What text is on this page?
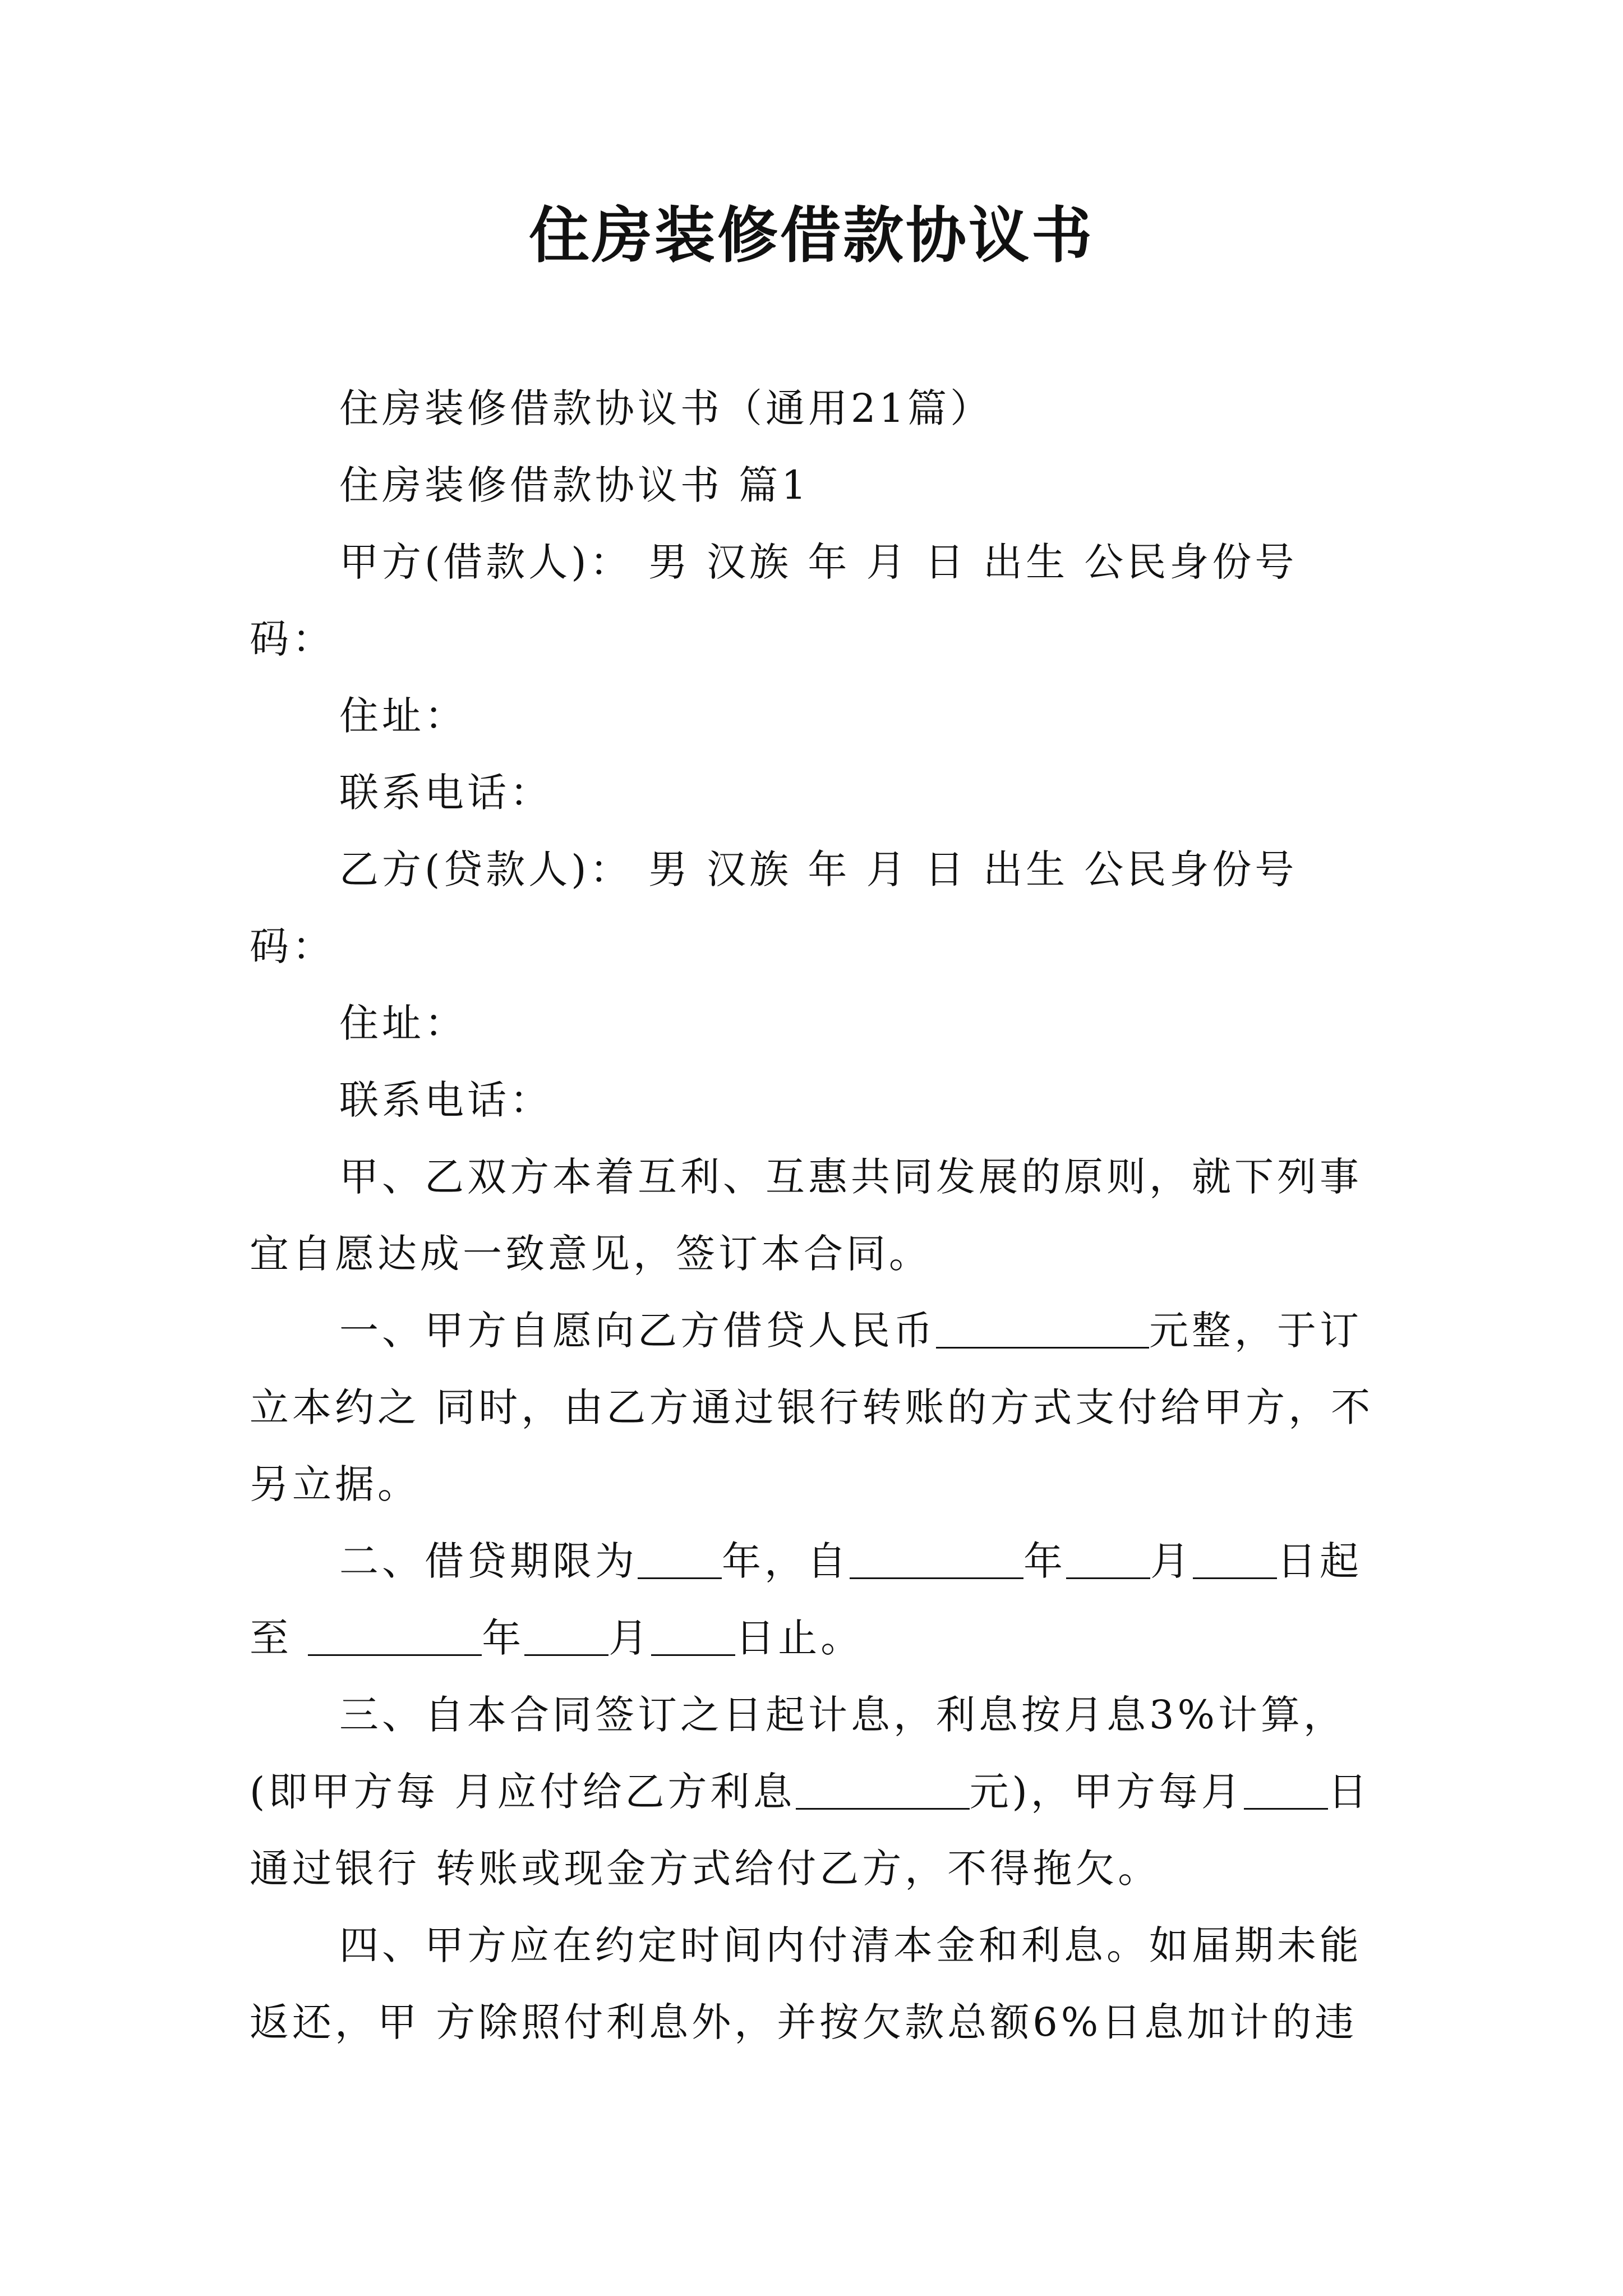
住房装修借款协议书

住房装修借款协议书（通用21篇）

住房装修借款协议书 篇1

甲方(借款人)： 男 汉族 年 月 日 出生 公民身份号码：

住址：

联系电话：

乙方(贷款人)： 男 汉族 年 月 日 出生 公民身份号码：

住址：

联系电话：

甲、乙双方本着互利、互惠共同发展的原则，就下列事宜自愿达成一致意见，签订本合同。

一、甲方自愿向乙方借贷人民币	元整，于订立本约之 同时，由乙方通过银行转账的方式支付给甲方，不另立据。

二、借贷期限为 年，自	年 月 日起至	年 月 日止。

三、自本合同签订之日起计息，利息按月息3%计算，(即甲方每 月应付给乙方利息	元)，甲方每月 日通过银行 转账或现金方式给付乙方，不得拖欠。

四、甲方应在约定时间内付清本金和利息。如届期未能返还，甲 方除照付利息外，并按欠款总额6%日息加计的违
